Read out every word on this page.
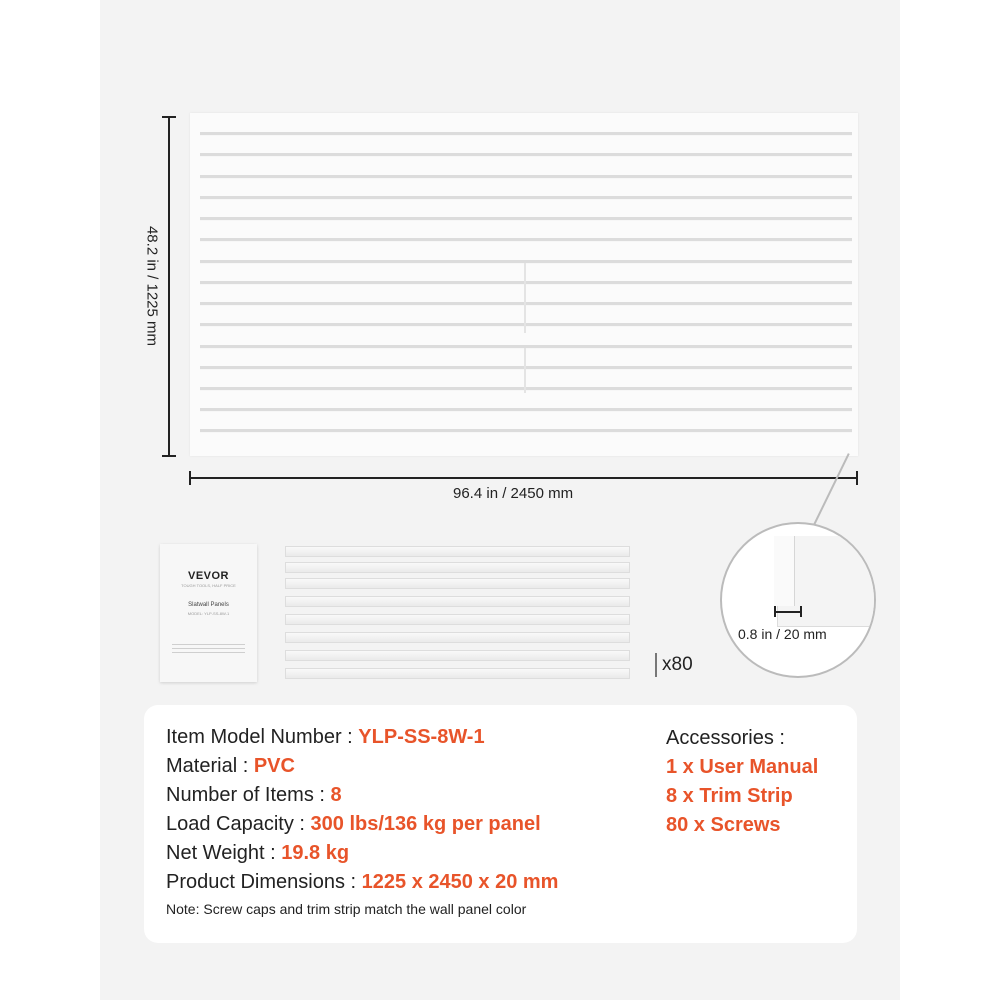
48.2 in / 1225 mm
96.4 in / 2450 mm
VEVOR
TOUGH TOOLS, HALF PRICE
Slatwall Panels
MODEL: YLP-SS-8W-1
x80
0.8 in / 20 mm
Item Model Number : YLP-SS-8W-1
Material : PVC
Number of Items : 8
Load Capacity : 300 lbs/136 kg per panel
Net Weight : 19.8 kg
Product Dimensions : 1225 x 2450 x 20 mm
Accessories :
1 x User Manual
8 x Trim Strip
80 x Screws
Note: Screw caps and trim strip match the wall panel color
